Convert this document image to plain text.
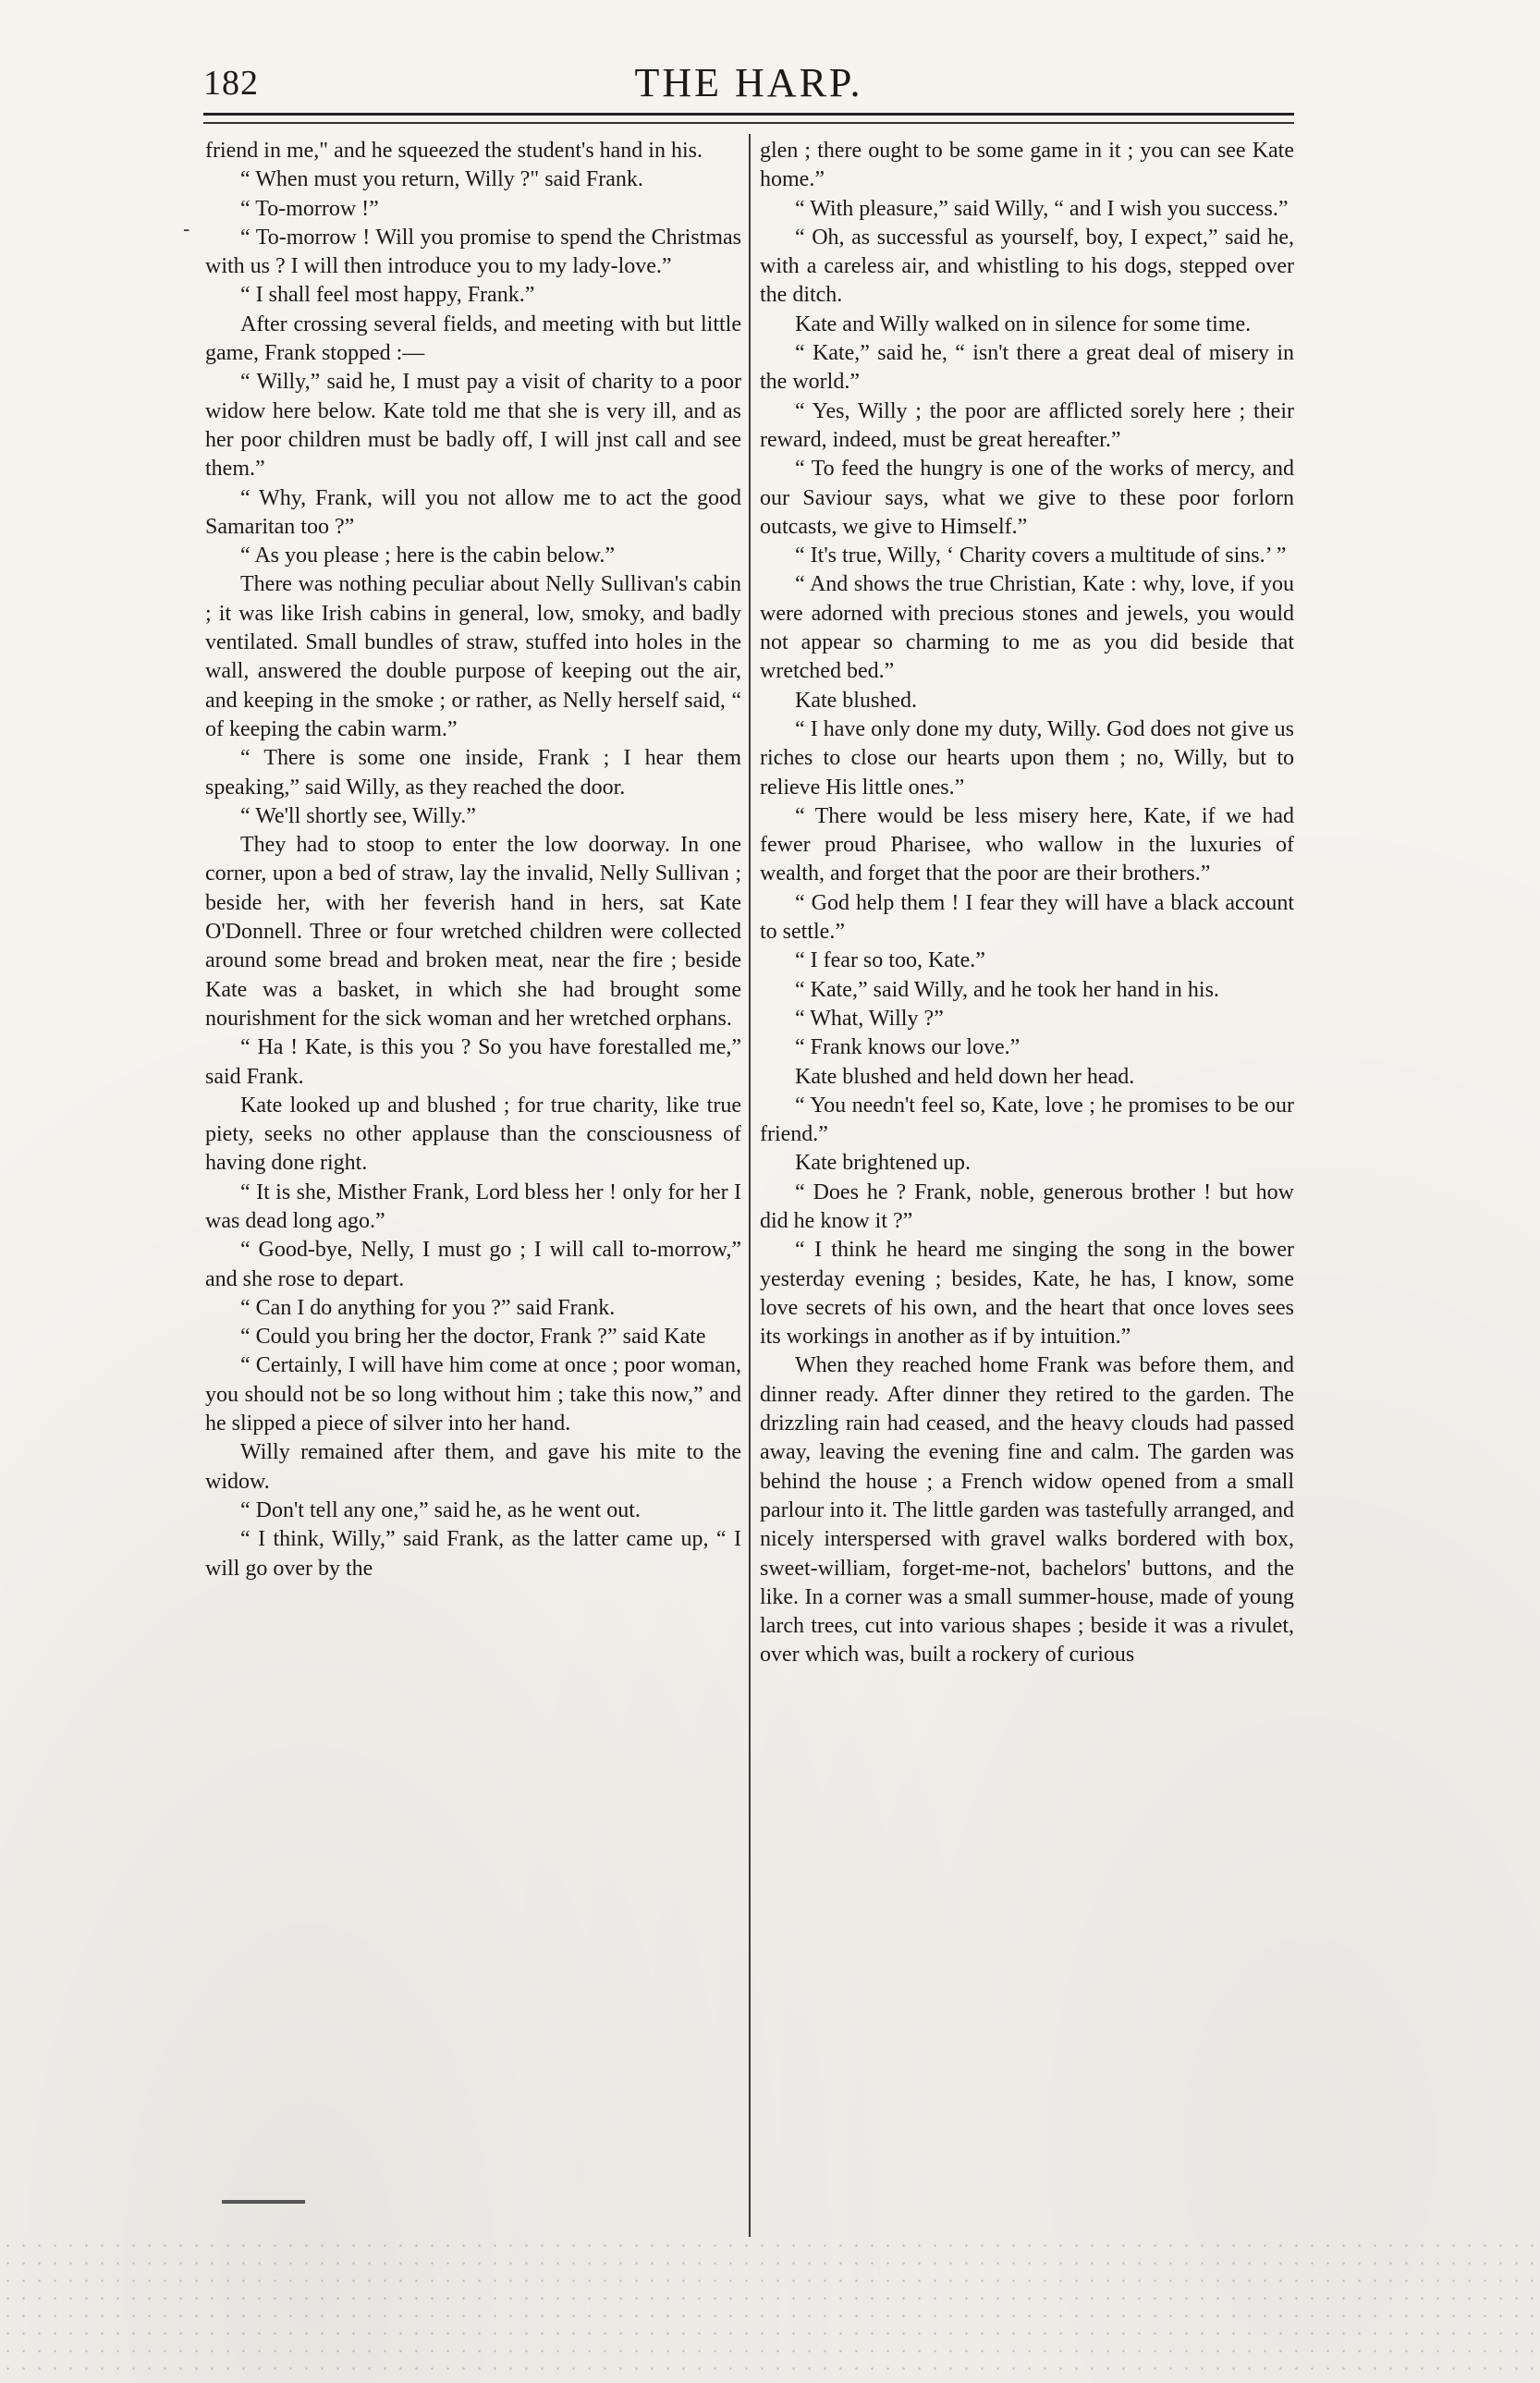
182	THE HARP.
-

friend in me," and he squeezed the student's hand in his.

“ When must you return, Willy ?" said Frank.

“ To-morrow !”

“ To-morrow ! Will you promise to spend the Christmas with us ? I will then introduce you to my lady-love.”

“ I shall feel most happy, Frank.”

After crossing several fields, and meeting with but little game, Frank stopped :—

“ Willy,” said he, I must pay a visit of charity to a poor widow here below. Kate told me that she is very ill, and as her poor children must be badly off, I will jnst call and see them.”

“ Why, Frank, will you not allow me to act the good Samaritan too ?”

“ As you please ; here is the cabin below.”

There was nothing peculiar about Nelly Sullivan's cabin ; it was like Irish cabins in general, low, smoky, and badly ventilated. Small bundles of straw, stuffed into holes in the wall, answered the double purpose of keeping out the air, and keeping in the smoke ; or rather, as Nelly herself said, “ of keeping the cabin warm.”

“ There is some one inside, Frank ; I hear them speaking,” said Willy, as they reached the door.

“ We'll shortly see, Willy.”

They had to stoop to enter the low doorway. In one corner, upon a bed of straw, lay the invalid, Nelly Sullivan ; beside her, with her feverish hand in hers, sat Kate O'Donnell. Three or four wretched children were collected around some bread and broken meat, near the fire ; beside Kate was a basket, in which she had brought some nourishment for the sick woman and her wretched orphans.

“ Ha ! Kate, is this you ? So you have forestalled me,” said Frank.

Kate looked up and blushed ; for true charity, like true piety, seeks no other applause than the consciousness of having done right.

“ It is she, Misther Frank, Lord bless her ! only for her I was dead long ago.”

“ Good-bye, Nelly, I must go ; I will call to-morrow,” and she rose to depart.

“ Can I do anything for you ?” said Frank.

“ Could you bring her the doctor, Frank ?” said Kate

“ Certainly, I will have him come at once ; poor woman, you should not be so long without him ; take this now,” and he slipped a piece of silver into her hand.

Willy remained after them, and gave his mite to the widow.

“ Don't tell any one,” said he, as he went out.

“ I think, Willy,” said Frank, as the latter came up, “ I will go over by the

glen ; there ought to be some game in it ; you can see Kate home.”

“ With pleasure,” said Willy, “ and I wish you success.”

“ Oh, as successful as yourself, boy, I expect,” said he, with a careless air, and whistling to his dogs, stepped over the ditch.

Kate and Willy walked on in silence for some time.

“ Kate,” said he, “ isn't there a great deal of misery in the world.”

“ Yes, Willy ; the poor are afflicted sorely here ; their reward, indeed, must be great hereafter.”

“ To feed the hungry is one of the works of mercy, and our Saviour says, what we give to these poor forlorn outcasts, we give to Himself.”

“ It's true, Willy, ‘ Charity covers a multitude of sins.’ ”

“ And shows the true Christian, Kate : why, love, if you were adorned with precious stones and jewels, you would not appear so charming to me as you did beside that wretched bed.”

Kate blushed.

“ I have only done my duty, Willy. God does not give us riches to close our hearts upon them ; no, Willy, but to relieve His little ones.”

“ There would be less misery here, Kate, if we had fewer proud Pharisee, who wallow in the luxuries of wealth, and forget that the poor are their brothers.”

“ God help them ! I fear they will have a black account to settle.”

“ I fear so too, Kate.”

“ Kate,” said Willy, and he took her hand in his.

“ What, Willy ?”

“ Frank knows our love.”

Kate blushed and held down her head.

“ You needn't feel so, Kate, love ; he promises to be our friend.”

Kate brightened up.

“ Does he ? Frank, noble, generous brother ! but how did he know it ?”

“ I think he heard me singing the song in the bower yesterday evening ; besides, Kate, he has, I know, some love secrets of his own, and the heart that once loves sees its workings in another as if by intuition.”

When they reached home Frank was before them, and dinner ready. After dinner they retired to the garden. The drizzling rain had ceased, and the heavy clouds had passed away, leaving the evening fine and calm. The garden was behind the house ; a French widow opened from a small parlour into it. The little garden was tastefully arranged, and nicely interspersed with gravel walks bordered with box, sweet-william, forget-me-not, bachelors' buttons, and the like. In a corner was a small summer-house, made of young larch trees, cut into various shapes ; beside it was a rivulet, over which was, built a rockery of curious
